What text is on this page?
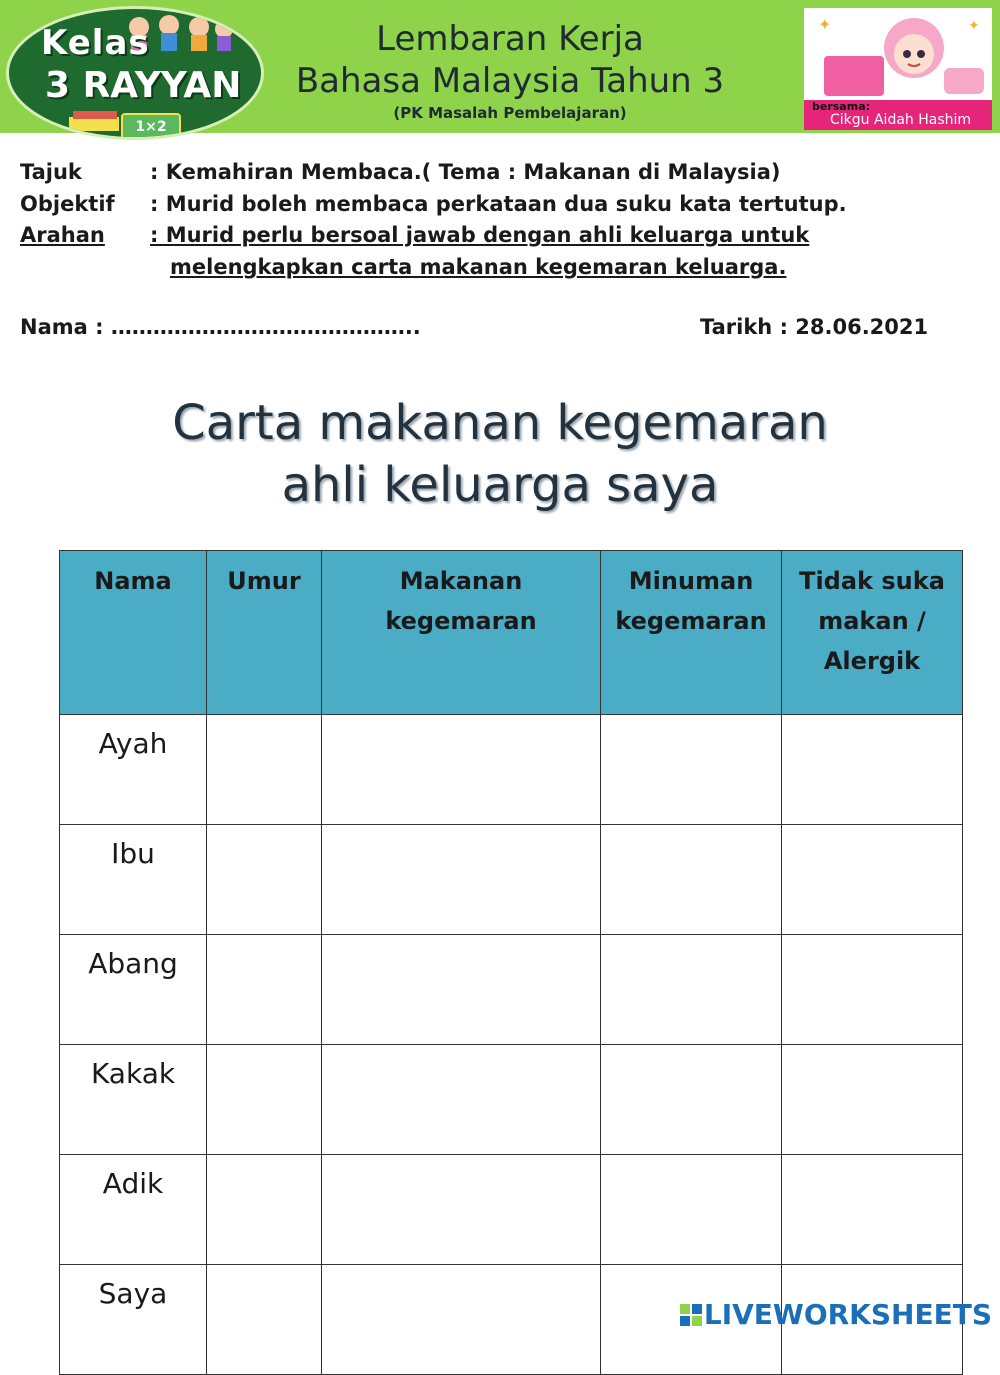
Kelas
3 RAYYAN
1×2
Lembaran Kerja
Bahasa Malaysia Tahun 3
(PK Masalah Pembelajaran)
✦	✦
bersama:
Cikgu Aidah Hashim
Tajuk	: Kemahiran Membaca.( Tema : Makanan di Malaysia)
Objektif : Murid boleh membaca perkataan dua suku kata tertutup.
Arahan	: Murid perlu bersoal jawab dengan ahli keluarga untuk
melengkapkan carta makanan kegemaran keluarga.
Nama : ……………………………………..	Tarikh : 28.06.2021
Carta makanan kegemaran
ahli keluarga saya
Nama	Umur	Makanan kegemaran	Minuman kegemaran	Tidak suka makan / Alergik
Ayah				
Ibu				
Abang				
Kakak				
Adik				
Saya				
LIVEWORKSHEETS
